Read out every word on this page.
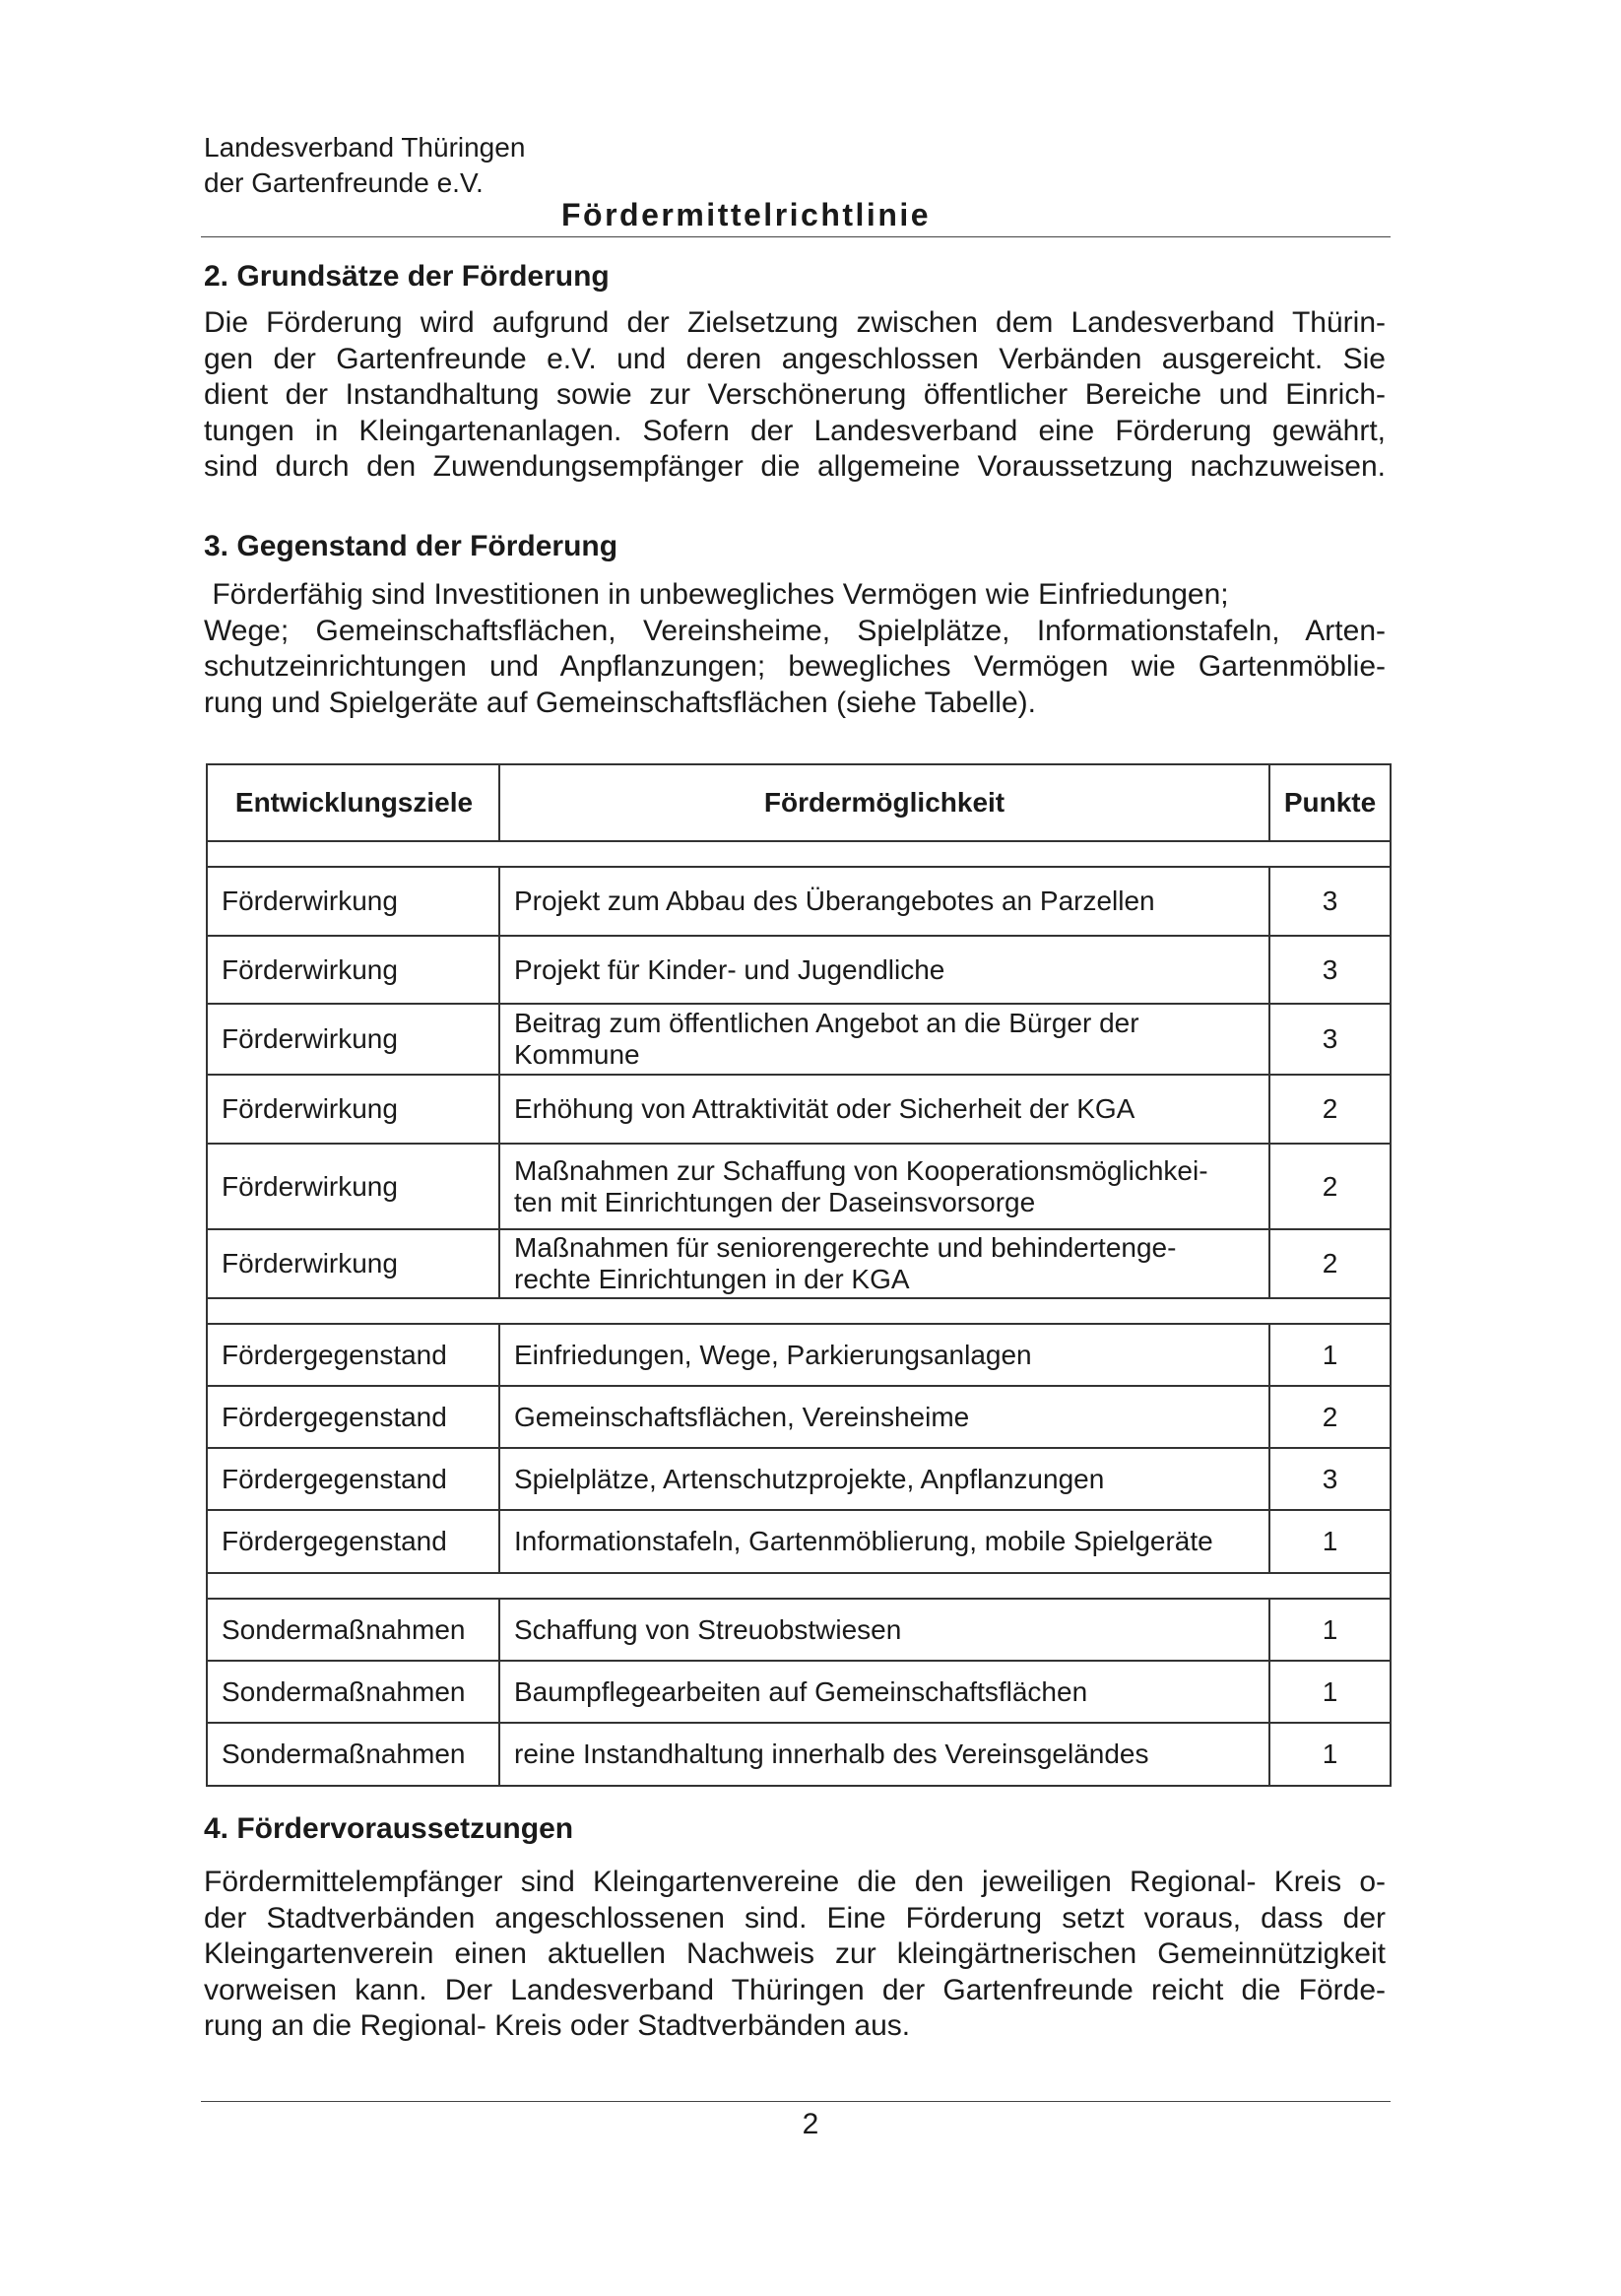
Landesverband Thüringen
der Gartenfreunde e.V.
Fördermittelrichtlinie
2. Grundsätze der Förderung

Die Förderung wird aufgrund der Zielsetzung zwischen dem Landesverband Thürin-
gen der Gartenfreunde e.V. und deren angeschlossen Verbänden ausgereicht. Sie
dient der Instandhaltung sowie zur Verschönerung öffentlicher Bereiche und Einrich-
tungen in Kleingartenanlagen. Sofern der Landesverband eine Förderung gewährt,
sind durch den Zuwendungsempfänger die allgemeine Voraussetzung nachzuweisen.

3. Gegenstand der Förderung

Förderfähig sind Investitionen in unbewegliches Vermögen wie Einfriedungen;
Wege; Gemeinschaftsflächen, Vereinsheime, Spielplätze, Informationstafeln, Arten-
schutzeinrichtungen und Anpflanzungen; bewegliches Vermögen wie Gartenmöblie-
rung und Spielgeräte auf Gemeinschaftsflächen (siehe Tabelle).

Entwicklungsziele	Fördermöglichkeit	Punkte

Förderwirkung	Projekt zum Abbau des Überangebotes an Parzellen	3
Förderwirkung	Projekt für Kinder- und Jugendliche	3
Förderwirkung	Beitrag zum öffentlichen Angebot an die Bürger der
Kommune	3
Förderwirkung	Erhöhung von Attraktivität oder Sicherheit der KGA	2
Förderwirkung	Maßnahmen zur Schaffung von Kooperationsmöglichkei-
ten mit Einrichtungen der Daseinsvorsorge	2
Förderwirkung	Maßnahmen für seniorengerechte und behindertenge-
rechte Einrichtungen in der KGA	2

Fördergegenstand	Einfriedungen, Wege, Parkierungsanlagen	1
Fördergegenstand	Gemeinschaftsflächen, Vereinsheime	2
Fördergegenstand	Spielplätze, Artenschutzprojekte, Anpflanzungen	3
Fördergegenstand	Informationstafeln, Gartenmöblierung, mobile Spielgeräte	1

Sondermaßnahmen	Schaffung von Streuobstwiesen	1
Sondermaßnahmen	Baumpflegearbeiten auf Gemeinschaftsflächen	1
Sondermaßnahmen	reine Instandhaltung innerhalb des Vereinsgeländes	1
4. Fördervoraussetzungen

Fördermittelempfänger sind Kleingartenvereine die den jeweiligen Regional- Kreis o-
der Stadtverbänden angeschlossenen sind. Eine Förderung setzt voraus, dass der
Kleingartenverein einen aktuellen Nachweis zur kleingärtnerischen Gemeinnützigkeit
vorweisen kann. Der Landesverband Thüringen der Gartenfreunde reicht die Förde-
rung an die Regional- Kreis oder Stadtverbänden aus.

2
